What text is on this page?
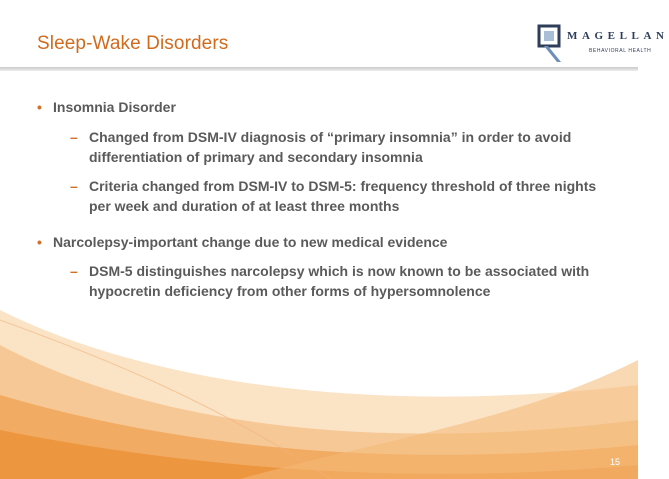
Sleep-Wake Disorders	MAGELLAN
BEHAVIORAL HEALTH
• Insomnia Disorder
– Changed from DSM-IV diagnosis of “primary insomnia” in order to avoid differentiation of primary and secondary insomnia
– Criteria changed from DSM-IV to DSM-5: frequency threshold of three nights per week and duration of at least three months
• Narcolepsy-important change due to new medical evidence
– DSM-5 distinguishes narcolepsy which is now known to be associated with hypocretin deficiency from other forms of hypersomnolence
15
